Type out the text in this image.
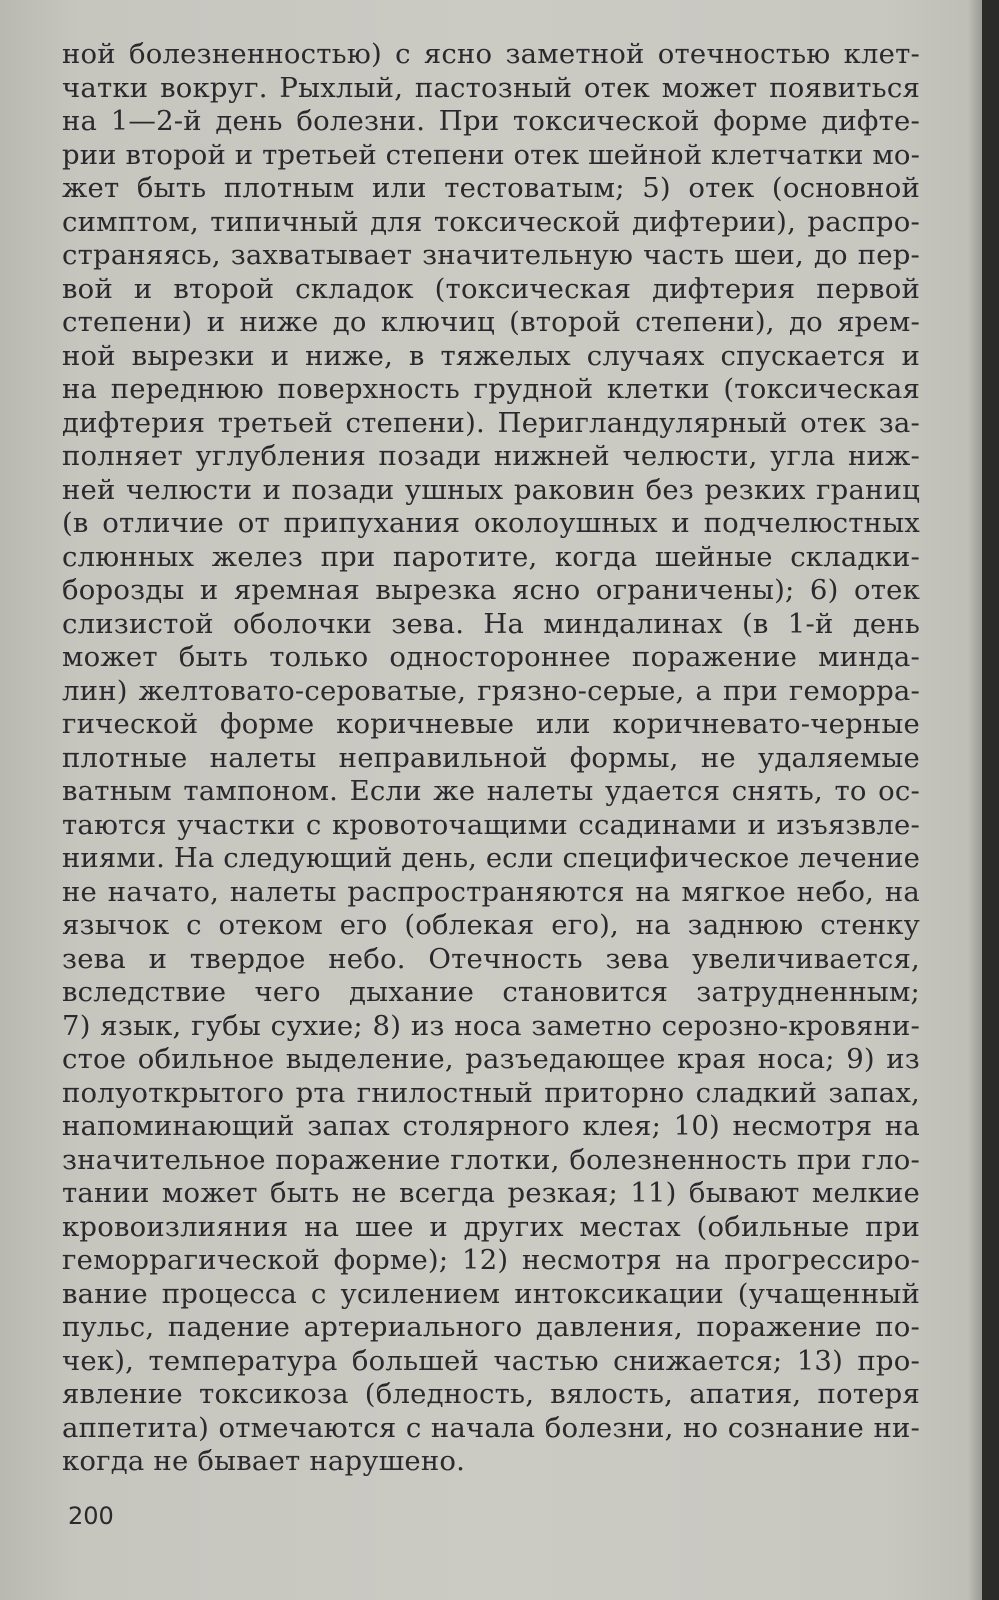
ной болезненностью) с ясно заметной отечностью клет-
чатки вокруг. Рыхлый, пастозный отек может появиться
на 1—2-й день болезни. При токсической форме дифте-
рии второй и третьей степени отек шейной клетчатки мо-
жет быть плотным или тестоватым; 5) отек (основной
симптом, типичный для токсической дифтерии), распро-
страняясь, захватывает значительную часть шеи, до пер-
вой и второй складок (токсическая дифтерия первой
степени) и ниже до ключиц (второй степени), до ярем-
ной вырезки и ниже, в тяжелых случаях спускается и
на переднюю поверхность грудной клетки (токсическая
дифтерия третьей степени). Перигландулярный отек за-
полняет углубления позади нижней челюсти, угла ниж-
ней челюсти и позади ушных раковин без резких границ
(в отличие от припухания околоушных и подчелюстных
слюнных желез при паротите, когда шейные складки-
борозды и яремная вырезка ясно ограничены); 6) отек
слизистой оболочки зева. На миндалинах (в 1-й день
может быть только одностороннее поражение минда-
лин) желтовато-сероватые, грязно-серые, а при геморра-
гической форме коричневые или коричневато-черные
плотные налеты неправильной формы, не удаляемые
ватным тампоном. Если же налеты удается снять, то ос-
таются участки с кровоточащими ссадинами и изъязвле-
ниями. На следующий день, если специфическое лечение
не начато, налеты распространяются на мягкое небо, на
язычок с отеком его (облекая его), на заднюю стенку
зева и твердое небо. Отечность зева увеличивается,
вследствие чего дыхание становится затрудненным;
7) язык, губы сухие; 8) из носа заметно серозно-кровяни-
стое обильное выделение, разъедающее края носа; 9) из
полуоткрытого рта гнилостный приторно сладкий запах,
напоминающий запах столярного клея; 10) несмотря на
значительное поражение глотки, болезненность при гло-
тании может быть не всегда резкая; 11) бывают мелкие
кровоизлияния на шее и других местах (обильные при
геморрагической форме); 12) несмотря на прогрессиро-
вание процесса с усилением интоксикации (учащенный
пульс, падение артериального давления, поражение по-
чек), температура большей частью снижается; 13) про-
явление токсикоза (бледность, вялость, апатия, потеря
аппетита) отмечаются с начала болезни, но сознание ни-
когда не бывает нарушено.
200
